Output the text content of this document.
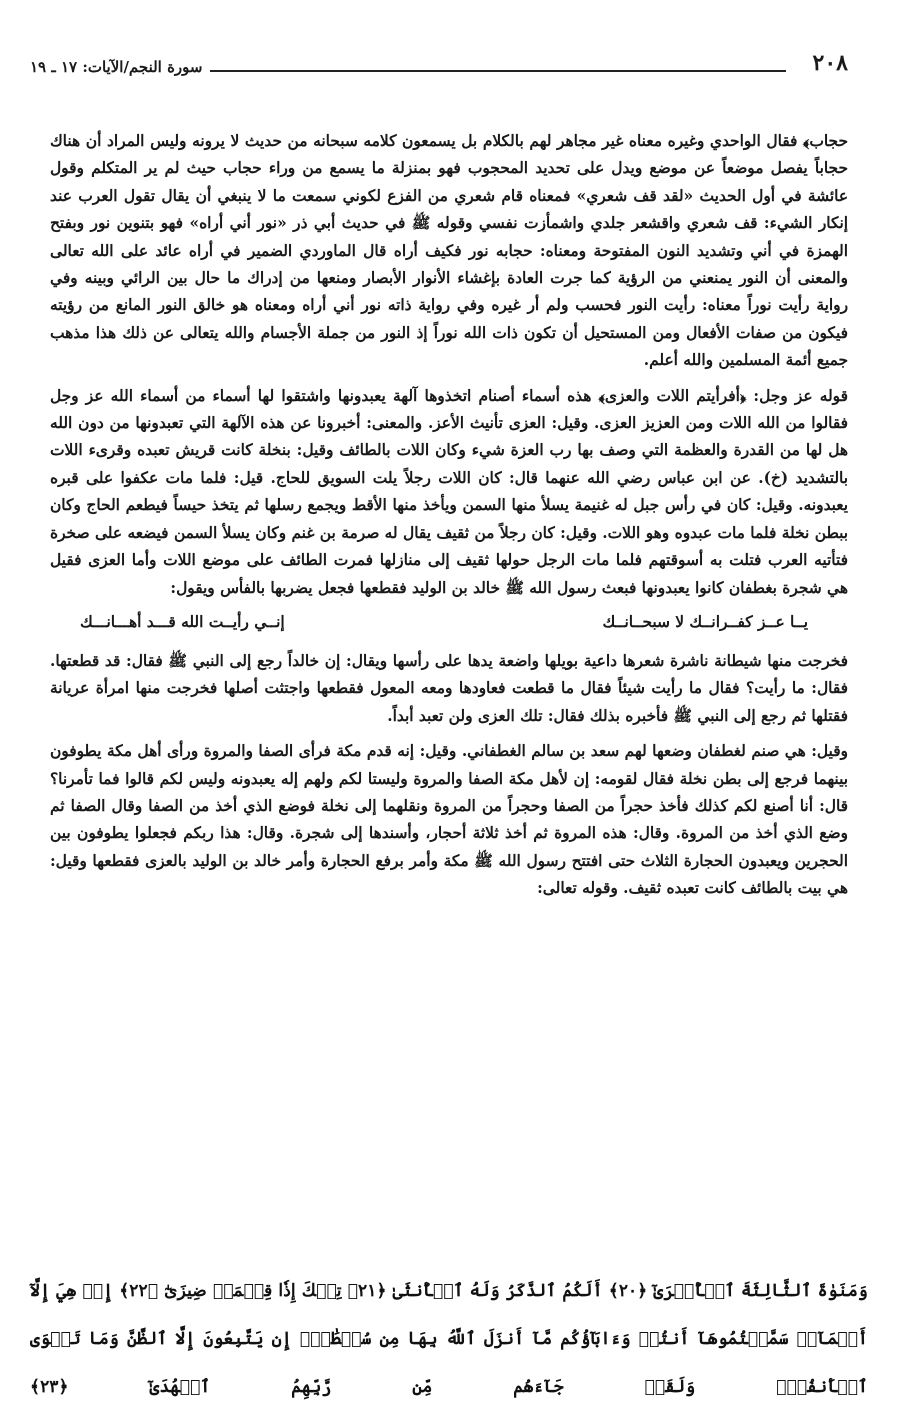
٢٠٨
سورة النجم/الآيات: ١٧ ـ ١٩

حجاب﴾ فقال الواحدي وغيره معناه غير مجاهر لهم بالكلام بل يسمعون كلامه سبحانه من حديث لا يرونه وليس المراد أن هناك حجاباً يفصل موضعاً عن موضع ويدل على تحديد المحجوب فهو بمنزلة ما يسمع من وراء حجاب حيث لم ير المتكلم وقول عائشة في أول الحديث «لقد قف شعري» فمعناه قام شعري من الفزع لكوني سمعت ما لا ينبغي أن يقال تقول العرب عند إنكار الشيء: قف شعري واقشعر جلدي واشمأزت نفسي وقوله ﷺ في حديث أبي ذر «نور أني أراه» فهو بتنوين نور وبفتح الهمزة في أني وتشديد النون المفتوحة ومعناه: حجابه نور فكيف أراه قال الماوردي الضمير في أراه عائد على الله تعالى والمعنى أن النور يمنعني من الرؤية كما جرت العادة بإغشاء الأنوار الأبصار ومنعها من إدراك ما حال بين الرائي وبينه وفي رواية رأيت نوراً معناه: رأيت النور فحسب ولم أر غيره وفي رواية ذاته نور أني أراه ومعناه هو خالق النور المانع من رؤيته فيكون من صفات الأفعال ومن المستحيل أن تكون ذات الله نوراً إذ النور من جملة الأجسام والله يتعالى عن ذلك هذا مذهب جميع أئمة المسلمين والله أعلم.

قوله عز وجل: ﴿أفرأيتم اللات والعزى﴾ هذه أسماء أصنام اتخذوها آلهة يعبدونها واشتقوا لها أسماء من أسماء الله عز وجل فقالوا من الله اللات ومن العزيز العزى. وقيل: العزى تأنيث الأعز. والمعنى: أخبرونا عن هذه الآلهة التي تعبدونها من دون الله هل لها من القدرة والعظمة التي وصف بها رب العزة شيء وكان اللات بالطائف وقيل: بنخلة كانت قريش تعبده وقرىء اللات بالتشديد (خ). عن ابن عباس رضي الله عنهما قال: كان اللات رجلاً يلت السويق للحاج. قيل: فلما مات عكفوا على قبره يعبدونه. وقيل: كان في رأس جبل له غنيمة يسلأ منها السمن ويأخذ منها الأقط ويجمع رسلها ثم يتخذ حيساً فيطعم الحاج وكان ببطن نخلة فلما مات عبدوه وهو اللات. وقيل: كان رجلاً من ثقيف يقال له صرمة بن غنم وكان يسلأ السمن فيضعه على صخرة فتأتيه العرب فتلت به أسوقتهم فلما مات الرجل حولها ثقيف إلى منازلها فمرت الطائف على موضع اللات وأما العزى فقيل هي شجرة بغطفان كانوا يعبدونها فبعث رسول الله ﷺ خالد بن الوليد فقطعها فجعل يضربها بالفأس ويقول:

يــا عــز كفــرانــك لا سبحــانــك
إنــي رأيــت الله قـــد أهـــانـــك

فخرجت منها شيطانة ناشرة شعرها داعية بويلها واضعة يدها على رأسها ويقال: إن خالداً رجع إلى النبي ﷺ فقال: قد قطعتها. فقال: ما رأيت؟ فقال ما رأيت شيئاً فقال ما قطعت فعاودها ومعه المعول فقطعها واجتثت أصلها فخرجت منها امرأة عريانة فقتلها ثم رجع إلى النبي ﷺ فأخبره بذلك فقال: تلك العزى ولن تعبد أبداً.

وقيل: هي صنم لغطفان وضعها لهم سعد بن سالم الغطفاني. وقيل: إنه قدم مكة فرأى الصفا والمروة ورأى أهل مكة يطوفون بينهما فرجع إلى بطن نخلة فقال لقومه: إن لأهل مكة الصفا والمروة وليستا لكم ولهم إله يعبدونه وليس لكم قالوا فما تأمرنا؟ قال: أنا أصنع لكم كذلك فأخذ حجراً من الصفا وحجراً من المروة ونقلهما إلى نخلة فوضع الذي أخذ من الصفا وقال الصفا ثم وضع الذي أخذ من المروة. وقال: هذه المروة ثم أخذ ثلاثة أحجار، وأسندها إلى شجرة. وقال: هذا ربكم فجعلوا يطوفون بين الحجرين ويعبدون الحجارة الثلاث حتى افتتح رسول الله ﷺ مكة وأمر برفع الحجارة وأمر خالد بن الوليد بالعزى فقطعها وقيل: هي بيت بالطائف كانت تعبده ثقيف. وقوله تعالى:

وَمَنَوٰةَ ٱلثَّالِثَةَ ٱلۡأُخۡرَىٰٓ ﴿٢٠﴾ أَلَكُمُ ٱلذَّكَرُ وَلَهُ ٱلۡأُنثَىٰ ﴿٢١﴾ تِلۡكَ إِذٗا قِسۡمَةٞ ضِيزَىٰٓ ﴿٢٢﴾ إِنۡ هِيَ إِلَّآ أَسۡمَآءٞ سَمَّيۡتُمُوهَآ أَنتُمۡ وَءَابَآؤُكُم مَّآ أَنزَلَ ٱللَّهُ بِهَا مِن سُلۡطَٰنٍۚ إِن يَتَّبِعُونَ إِلَّا ٱلظَّنَّ وَمَا تَهۡوَى ٱلۡأَنفُسُۖ وَلَقَدۡ جَآءَهُم مِّن رَّبِّهِمُ ٱلۡهُدَىٰٓ ﴿٢٣﴾
